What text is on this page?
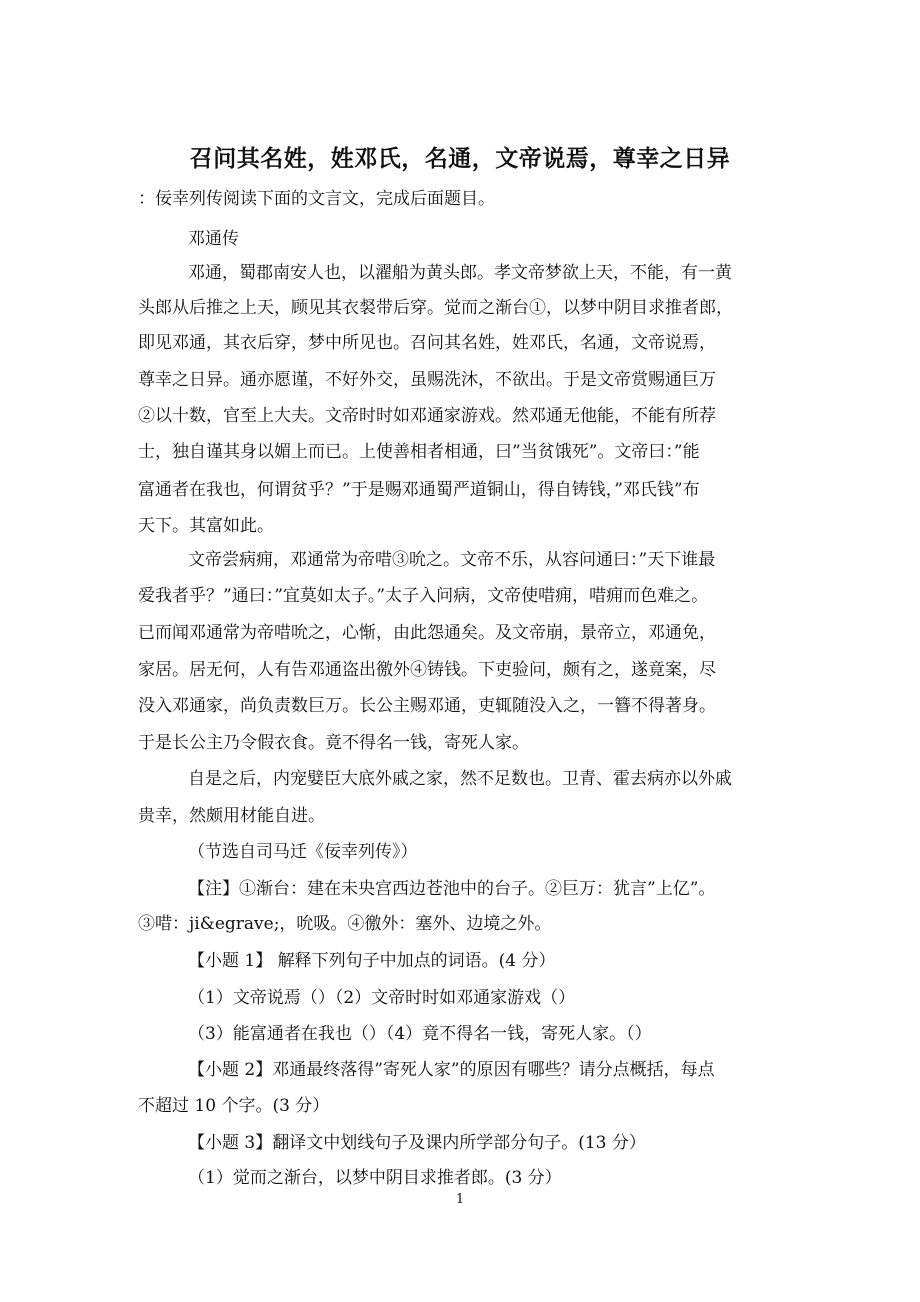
召问其名姓，姓邓氏，名通，文帝说焉，尊幸之日异
：佞幸列传阅读下面的文言文，完成后面题目。
邓通传
邓通，蜀郡南安人也，以濯船为黄头郎。孝文帝梦欲上天，不能，有一黄
头郎从后推之上天，顾见其衣裻带后穿。觉而之渐台①，以梦中阴目求推者郎，
即见邓通，其衣后穿，梦中所见也。召问其名姓，姓邓氏，名通，文帝说焉，
尊幸之日异。通亦愿谨，不好外交，虽赐洗沐，不欲出。于是文帝赏赐通巨万
②以十数，官至上大夫。文帝时时如邓通家游戏。然邓通无他能，不能有所荐
士，独自谨其身以媚上而已。上使善相者相通，曰”当贫饿死”。文帝曰：”能
富通者在我也，何谓贫乎？”于是赐邓通蜀严道铜山，得自铸钱，”邓氏钱”布
天下。其富如此。
文帝尝病痈，邓通常为帝唶③吮之。文帝不乐，从容问通曰：”天下谁最
爱我者乎？”通曰：”宜莫如太子。”太子入问病，文帝使唶痈，唶痈而色难之。
已而闻邓通常为帝唶吮之，心惭，由此怨通矣。及文帝崩，景帝立，邓通免，
家居。居无何，人有告邓通盗出徼外④铸钱。下吏验问，颇有之，遂竟案，尽
没入邓通家，尚负责数巨万。长公主赐邓通，吏辄随没入之，一簪不得著身。
于是长公主乃令假衣食。竟不得名一钱，寄死人家。
自是之后，内宠嬖臣大底外戚之家，然不足数也。卫青、霍去病亦以外戚
贵幸，然颇用材能自进。
（节选自司马迁《佞幸列传》）
【注】①渐台：建在未央宫西边苍池中的台子。②巨万：犹言”上亿”。
③唶：ji&egrave;，吮吸。④徼外：塞外、边境之外。
【小题 1】 解释下列句子中加点的词语。(4 分）
（1）文帝说焉（）（2）文帝时时如邓通家游戏（）
（3）能富通者在我也（）（4）竟不得名一钱，寄死人家。（）
【小题 2】邓通最终落得”寄死人家”的原因有哪些？请分点概括，每点
不超过 10 个字。(3 分）
【小题 3】翻译文中划线句子及课内所学部分句子。(13 分）
（1）觉而之渐台，以梦中阴目求推者郎。(3 分）
1
